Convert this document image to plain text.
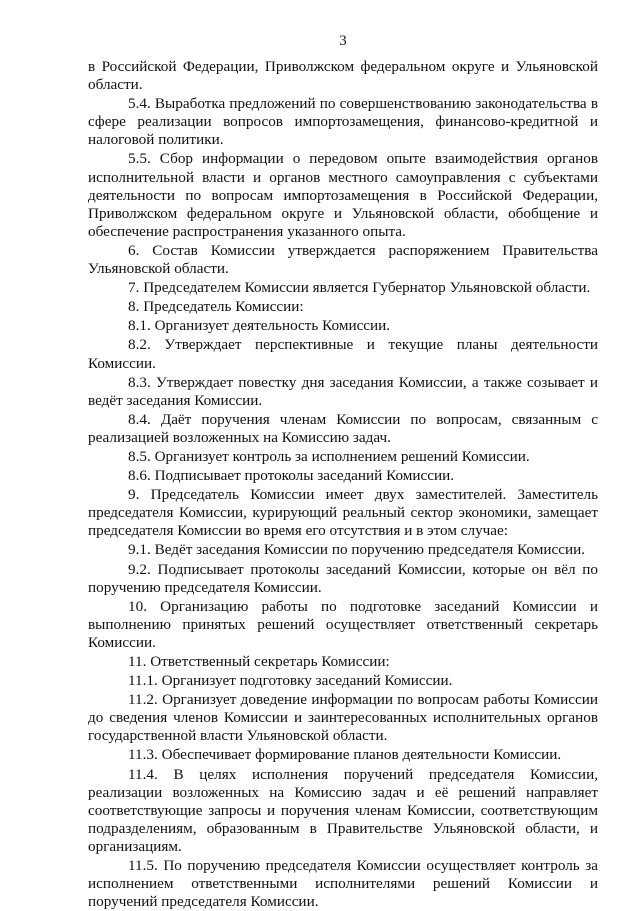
3

в Российской Федерации, Приволжском федеральном округе и Ульяновской области.

5.4. Выработка предложений по совершенствованию законодательства в сфере реализации вопросов импортозамещения, финансово-кредитной и налоговой политики.

5.5. Сбор информации о передовом опыте взаимодействия органов исполнительной власти и органов местного самоуправления с субъектами деятельности по вопросам импортозамещения в Российской Федерации, Приволжском федеральном округе и Ульяновской области, обобщение и обеспечение распространения указанного опыта.

6. Состав Комиссии утверждается распоряжением Правительства Ульяновской области.

7. Председателем Комиссии является Губернатор Ульяновской области.

8. Председатель Комиссии:

8.1. Организует деятельность Комиссии.

8.2. Утверждает перспективные и текущие планы деятельности Комиссии.

8.3. Утверждает повестку дня заседания Комиссии, а также созывает и ведёт заседания Комиссии.

8.4. Даёт поручения членам Комиссии по вопросам, связанным с реализацией возложенных на Комиссию задач.

8.5. Организует контроль за исполнением решений Комиссии.

8.6. Подписывает протоколы заседаний Комиссии.

9. Председатель Комиссии имеет двух заместителей. Заместитель председателя Комиссии, курирующий реальный сектор экономики, замещает председателя Комиссии во время его отсутствия и в этом случае:

9.1. Ведёт заседания Комиссии по поручению председателя Комиссии.

9.2. Подписывает протоколы заседаний Комиссии, которые он вёл по поручению председателя Комиссии.

10. Организацию работы по подготовке заседаний Комиссии и выполнению принятых решений осуществляет ответственный секретарь Комиссии.

11. Ответственный секретарь Комиссии:

11.1. Организует подготовку заседаний Комиссии.

11.2. Организует доведение информации по вопросам работы Комиссии до сведения членов Комиссии и заинтересованных исполнительных органов государственной власти Ульяновской области.

11.3. Обеспечивает формирование планов деятельности Комиссии.

11.4. В целях исполнения поручений председателя Комиссии, реализации возложенных на Комиссию задач и её решений направляет соответствующие запросы и поручения членам Комиссии, соответствующим подразделениям, образованным в Правительстве Ульяновской области, и организациям.

11.5. По поручению председателя Комиссии осуществляет контроль за исполнением ответственными исполнителями решений Комиссии и поручений председателя Комиссии.
